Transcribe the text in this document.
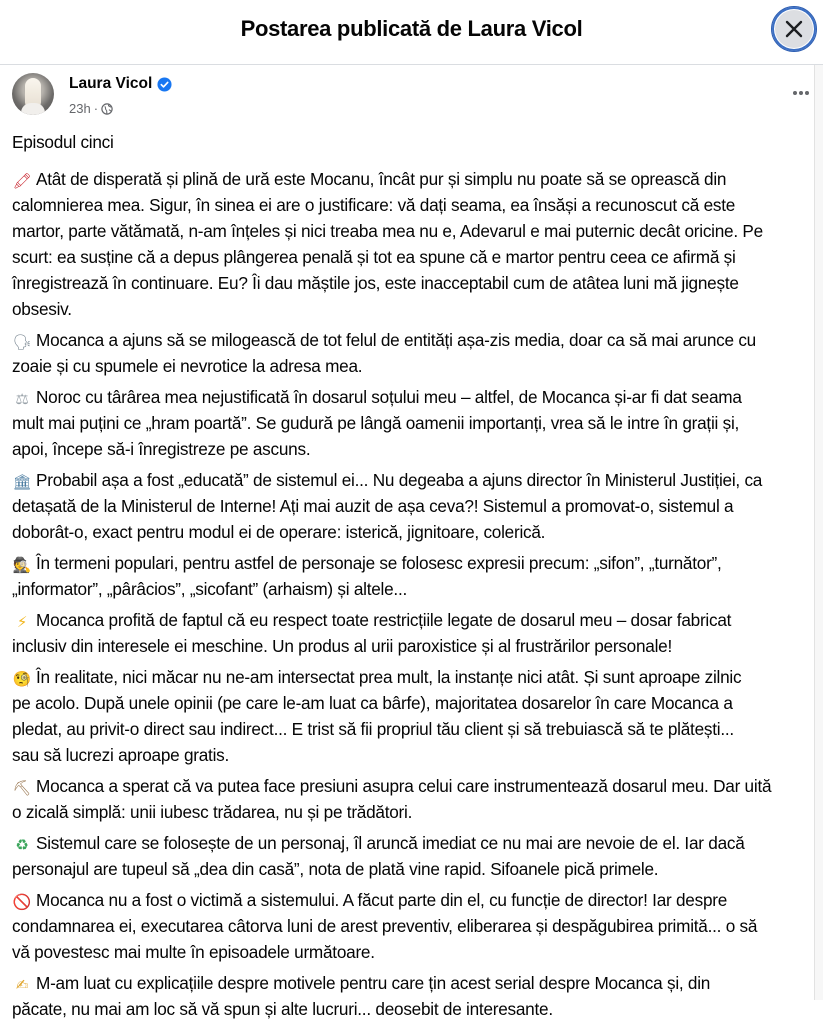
Postarea publicată de Laura Vicol
Laura Vicol
23h ·
Episodul cinci
🖍 Atât de disperată și plină de ură este Mocanu, încât pur și simplu nu poate să se oprească din
calomnierea mea. Sigur, în sinea ei are o justificare: vă dați seama, ea însăși a recunoscut că este
martor, parte vătămată, n-am înțeles și nici treaba mea nu e, Adevarul e mai puternic decât oricine. Pe
scurt: ea susține că a depus plângerea penală și tot ea spune că e martor pentru ceea ce afirmă și
înregistrează în continuare. Eu? Îi dau măștile jos, este inacceptabil cum de atâtea luni mă jignește
obsesiv.
🗣 Mocanca a ajuns să se milogească de tot felul de entități așa-zis media, doar ca să mai arunce cu
zoaie și cu spumele ei nevrotice la adresa mea.
⚖ Noroc cu târârea mea nejustificată în dosarul soțului meu – altfel, de Mocanca și-ar fi dat seama
mult mai puțini ce „hram poartă”. Se gudură pe lângă oamenii importanți, vrea să le intre în grații și,
apoi, începe să-i înregistreze pe ascuns.
🏛 Probabil așa a fost „educată” de sistemul ei... Nu degeaba a ajuns director în Ministerul Justiției, ca
detașată de la Ministerul de Interne! Ați mai auzit de așa ceva?! Sistemul a promovat-o, sistemul a
doborât-o, exact pentru modul ei de operare: isterică, jignitoare, colerică.
🕵 În termeni populari, pentru astfel de personaje se folosesc expresii precum: „sifon”, „turnător”,
„informator”, „pârâcios”, „sicofant” (arhaism) și altele...
⚡ Mocanca profită de faptul că eu respect toate restricțiile legate de dosarul meu – dosar fabricat
inclusiv din interesele ei meschine. Un produs al urii paroxistice și al frustrărilor personale!
🧐 În realitate, nici măcar nu ne-am intersectat prea mult, la instanțe nici atât. Și sunt aproape zilnic
pe acolo. După unele opinii (pe care le-am luat ca bârfe), majoritatea dosarelor în care Mocanca a
pledat, au privit-o direct sau indirect... E trist să fii propriul tău client și să trebuiască să te plătești...
sau să lucrezi aproape gratis.
⛏ Mocanca a sperat că va putea face presiuni asupra celui care instrumentează dosarul meu. Dar uită
o zicală simplă: unii iubesc trădarea, nu și pe trădători.
♻ Sistemul care se folosește de un personaj, îl aruncă imediat ce nu mai are nevoie de el. Iar dacă
personajul are tupeul să „dea din casă”, nota de plată vine rapid. Sifoanele pică primele.
🚫 Mocanca nu a fost o victimă a sistemului. A făcut parte din el, cu funcție de director! Iar despre
condamnarea ei, executarea câtorva luni de arest preventiv, eliberarea și despăgubirea primită... o să
vă povestesc mai multe în episoadele următoare.
✍ M-am luat cu explicațiile despre motivele pentru care țin acest serial despre Mocanca și, din
păcate, nu mai am loc să vă spun și alte lucruri... deosebit de interesante.
